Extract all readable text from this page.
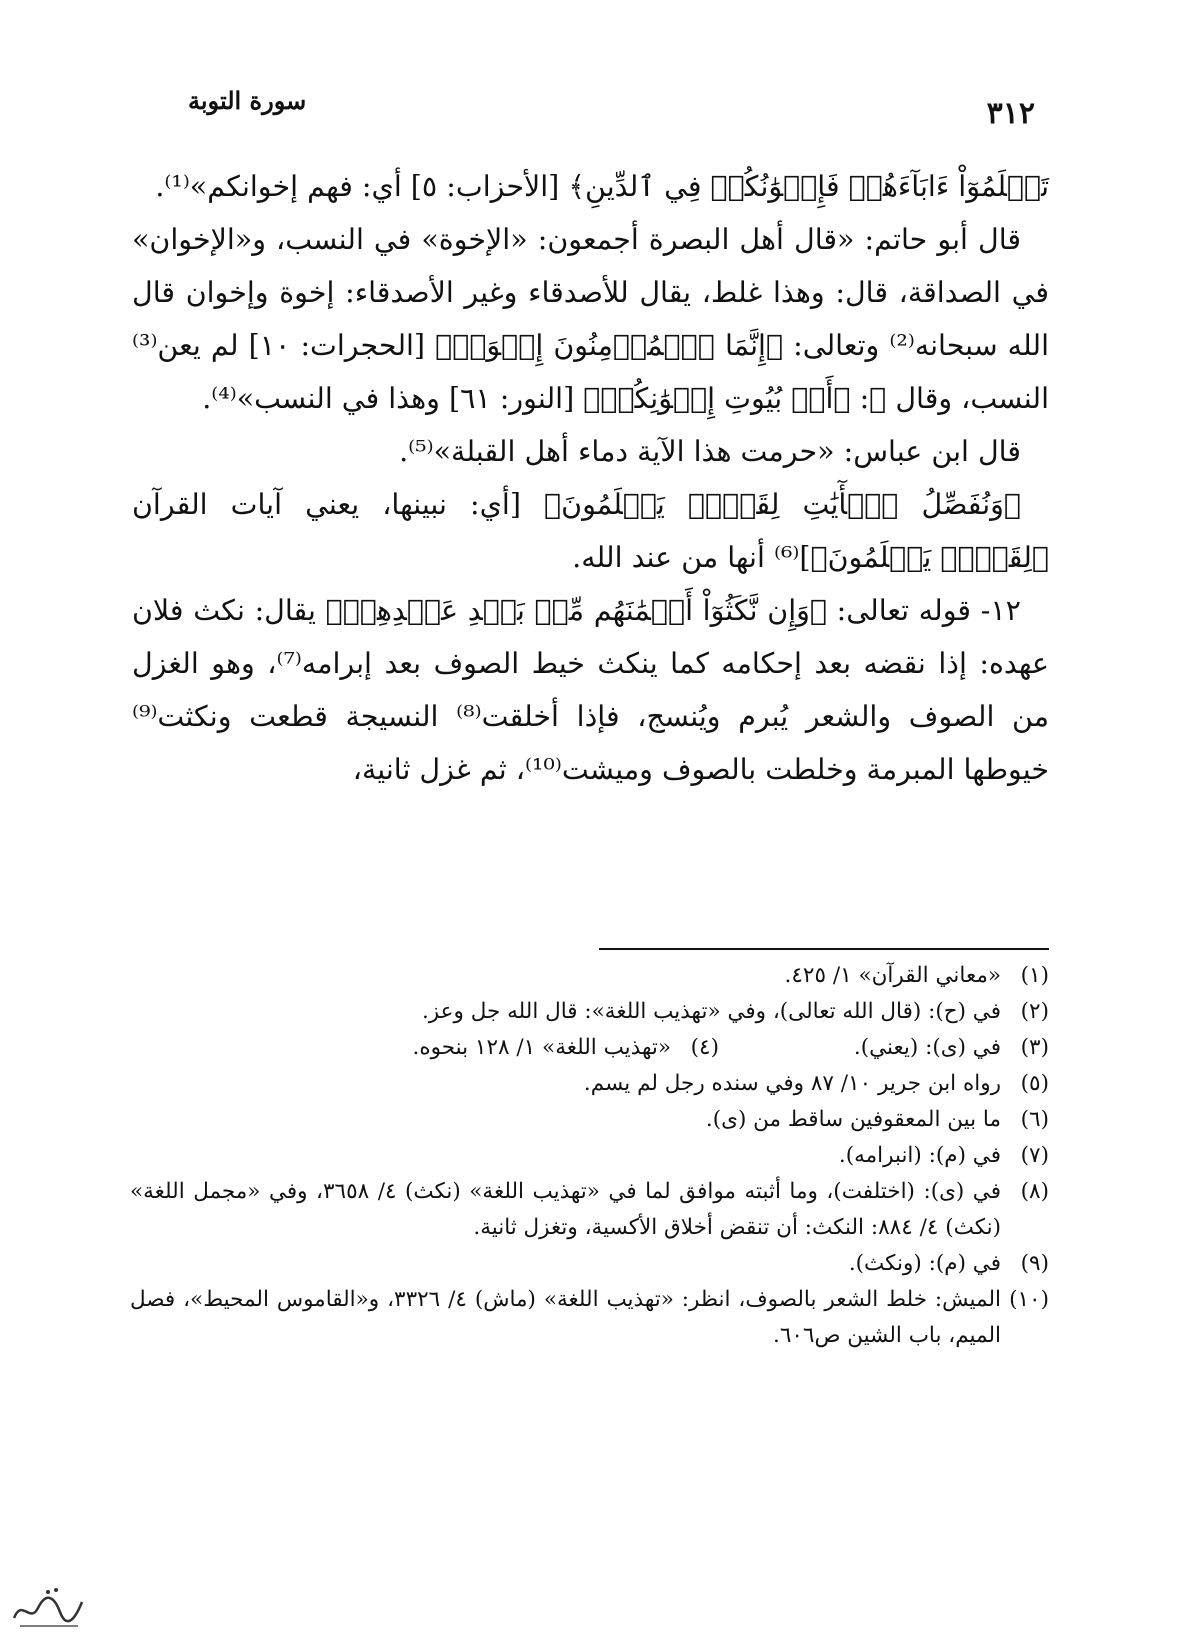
٣١٢
سورة التوبة

تَعۡلَمُوٓاْ ءَابَآءَهُمۡ فَإِخۡوَٰنُكُمۡ فِي ٱلدِّينِ﴾ [الأحزاب: ٥] أي: فهم إخوانكم»⁽¹⁾.

قال أبو حاتم: «قال أهل البصرة أجمعون: «الإخوة» في النسب، و«الإخوان» في الصداقة، قال: وهذا غلط، يقال للأصدقاء وغير الأصدقاء: إخوة وإخوان قال الله سبحانه⁽²⁾ وتعالى: ﴿إِنَّمَا ٱلۡمُؤۡمِنُونَ إِخۡوَةٞ﴾ [الحجرات: ١٠] لم يعن⁽³⁾ النسب، وقال ﷻ: ﴿أَوۡ بُيُوتِ إِخۡوَٰنِكُمۡ﴾ [النور: ٦١] وهذا في النسب»⁽⁴⁾.

قال ابن عباس: «حرمت هذا الآية دماء أهل القبلة»⁽⁵⁾.

﴿وَنُفَصِّلُ ٱلۡأٓيَٰتِ لِقَوۡمٖ يَعۡلَمُونَ﴾ [أي: نبينها، يعني آيات القرآن ﴿لِقَوۡمٖ يَعۡلَمُونَ﴾]⁽⁶⁾ أنها من عند الله.

١٢- قوله تعالى: ﴿وَإِن نَّكَثُوٓاْ أَيۡمَٰنَهُم مِّنۢ بَعۡدِ عَهۡدِهِمۡ﴾ يقال: نكث فلان عهده: إذا نقضه بعد إحكامه كما ينكث خيط الصوف بعد إبرامه⁽⁷⁾، وهو الغزل من الصوف والشعر يُبرم ويُنسج، فإذا أخلقت⁽⁸⁾ النسيجة قطعت ونكثت⁽⁹⁾ خيوطها المبرمة وخلطت بالصوف وميشت⁽¹⁰⁾، ثم غزل ثانية،

(١)
«معاني القرآن» ١/ ٤٢٥.
(٢)
في (ح): (قال الله تعالى)، وفي «تهذيب اللغة»: قال الله جل وعز.
(٣)
في (ى): (يعني).
(٤)
«تهذيب اللغة» ١/ ١٢٨ بنحوه.
(٥)
رواه ابن جرير ١٠/ ٨٧ وفي سنده رجل لم يسم.
(٦)
ما بين المعقوفين ساقط من (ى).
(٧)
في (م): (انبرامه).
(٨)
في (ى): (اختلفت)، وما أثبته موافق لما في «تهذيب اللغة» (نكث) ٤/ ٣٦٥٨، وفي «مجمل اللغة» (نكث) ٤/ ٨٨٤: النكث: أن تنقض أخلاق الأكسية، وتغزل ثانية.
(٩)
في (م): (ونكث).
(١٠)
الميش: خلط الشعر بالصوف، انظر: «تهذيب اللغة» (ماش) ٤/ ٣٣٢٦، و«القاموس المحيط»، فصل الميم، باب الشين ص٦٠٦.
